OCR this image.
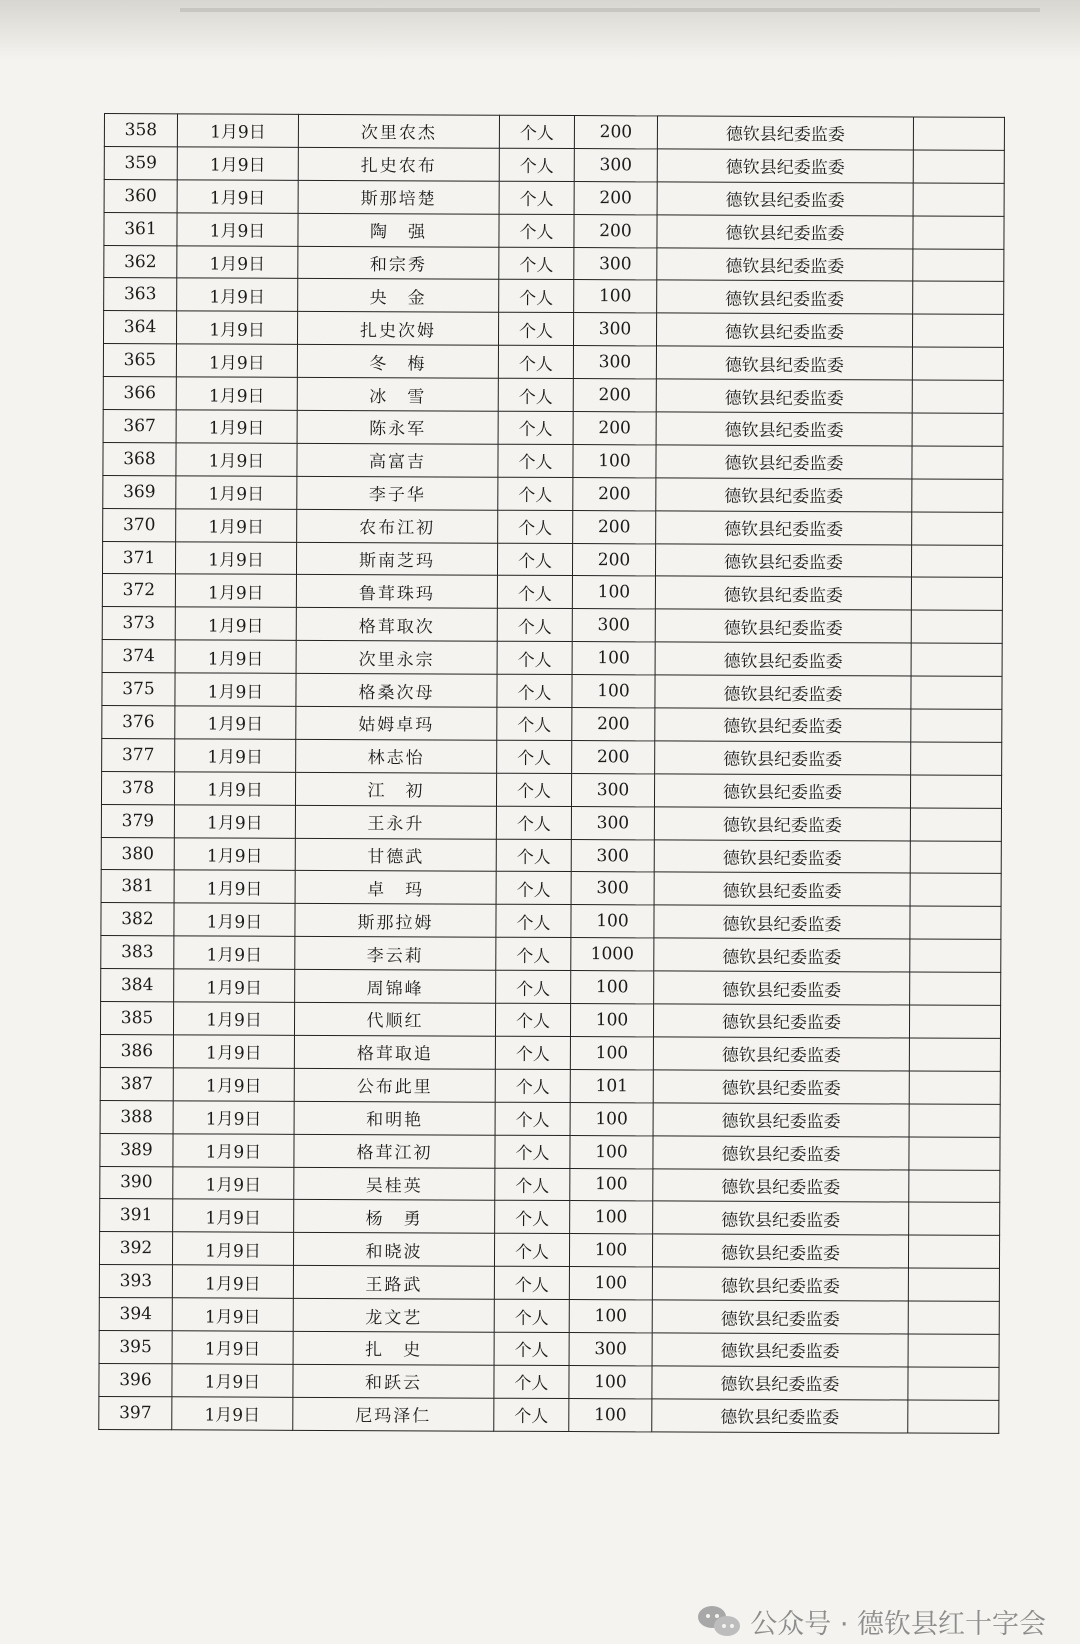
358	1月9日	次里农杰	个人	200	德钦县纪委监委	
359	1月9日	扎史农布	个人	300	德钦县纪委监委	
360	1月9日	斯那培楚	个人	200	德钦县纪委监委	
361	1月9日	陶　强	个人	200	德钦县纪委监委	
362	1月9日	和宗秀	个人	300	德钦县纪委监委	
363	1月9日	央　金	个人	100	德钦县纪委监委	
364	1月9日	扎史次姆	个人	300	德钦县纪委监委	
365	1月9日	冬　梅	个人	300	德钦县纪委监委	
366	1月9日	冰　雪	个人	200	德钦县纪委监委	
367	1月9日	陈永军	个人	200	德钦县纪委监委	
368	1月9日	高富吉	个人	100	德钦县纪委监委	
369	1月9日	李子华	个人	200	德钦县纪委监委	
370	1月9日	农布江初	个人	200	德钦县纪委监委	
371	1月9日	斯南芝玛	个人	200	德钦县纪委监委	
372	1月9日	鲁茸珠玛	个人	100	德钦县纪委监委	
373	1月9日	格茸取次	个人	300	德钦县纪委监委	
374	1月9日	次里永宗	个人	100	德钦县纪委监委	
375	1月9日	格桑次母	个人	100	德钦县纪委监委	
376	1月9日	姑姆卓玛	个人	200	德钦县纪委监委	
377	1月9日	林志怡	个人	200	德钦县纪委监委	
378	1月9日	江　初	个人	300	德钦县纪委监委	
379	1月9日	王永升	个人	300	德钦县纪委监委	
380	1月9日	甘德武	个人	300	德钦县纪委监委	
381	1月9日	卓　玛	个人	300	德钦县纪委监委	
382	1月9日	斯那拉姆	个人	100	德钦县纪委监委	
383	1月9日	李云莉	个人	1000	德钦县纪委监委	
384	1月9日	周锦峰	个人	100	德钦县纪委监委	
385	1月9日	代顺红	个人	100	德钦县纪委监委	
386	1月9日	格茸取追	个人	100	德钦县纪委监委	
387	1月9日	公布此里	个人	101	德钦县纪委监委	
388	1月9日	和明艳	个人	100	德钦县纪委监委	
389	1月9日	格茸江初	个人	100	德钦县纪委监委	
390	1月9日	吴桂英	个人	100	德钦县纪委监委	
391	1月9日	杨　勇	个人	100	德钦县纪委监委	
392	1月9日	和晓波	个人	100	德钦县纪委监委	
393	1月9日	王路武	个人	100	德钦县纪委监委	
394	1月9日	龙文艺	个人	100	德钦县纪委监委	
395	1月9日	扎　史	个人	300	德钦县纪委监委	
396	1月9日	和跃云	个人	100	德钦县纪委监委	
397	1月9日	尼玛泽仁	个人	100	德钦县纪委监委	
公众号 · 德钦县红十字会
